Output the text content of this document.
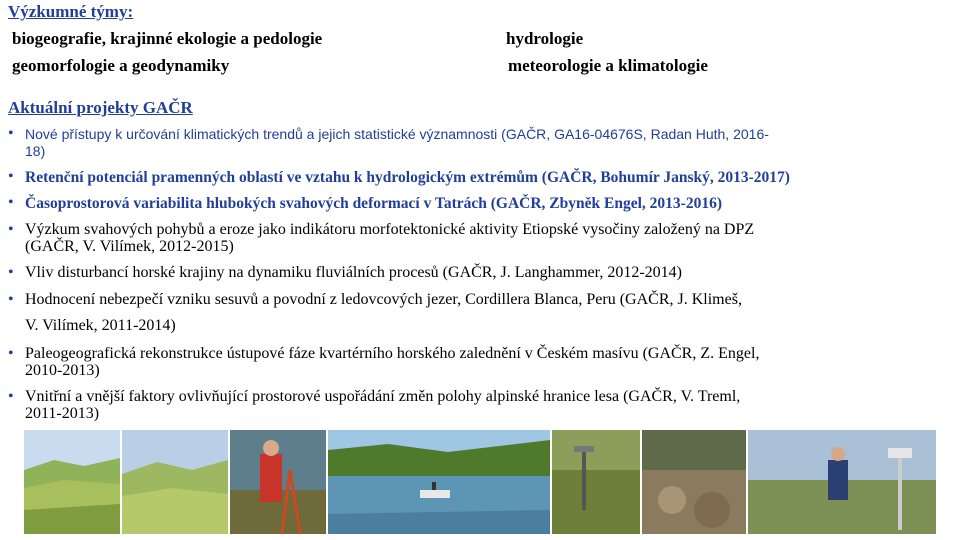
Výzkumné týmy:
biogeografie, krajinné ekologie a pedologie
geomorfologie a geodynamiky
hydrologie
meteorologie a klimatologie
Aktuální projekty GAČR
• Nové přístupy k určování klimatických trendů a jejich statistické významnosti (GAČR, GA16-04676S, Radan Huth, 2016-
18)
• Retenční potenciál pramenných oblastí ve vztahu k hydrologickým extrémům (GAČR, Bohumír Janský, 2013-2017)
• Časoprostorová variabilita hlubokých svahových deformací v Tatrách (GAČR, Zbyněk Engel, 2013-2016)
• Výzkum svahových pohybů a eroze jako indikátoru morfotektonické aktivity Etiopské vysočiny založený na DPZ
(GAČR, V. Vilímek, 2012-2015)
• Vliv disturbancí horské krajiny na dynamiku fluviálních procesů (GAČR, J. Langhammer, 2012-2014)
• Hodnocení nebezpečí vzniku sesuvů a povodní z ledovcových jezer, Cordillera Blanca, Peru (GAČR, J. Klimeš,
V. Vilímek, 2011-2014)
• Paleogeografická rekonstrukce ústupové fáze kvartérního horského zalednění v Českém masívu (GAČR, Z. Engel,
2010-2013)
• Vnitřní a vnější faktory ovlivňující prostorové uspořádání změn polohy alpinské hranice lesa (GAČR, V. Treml,
2011-2013)
